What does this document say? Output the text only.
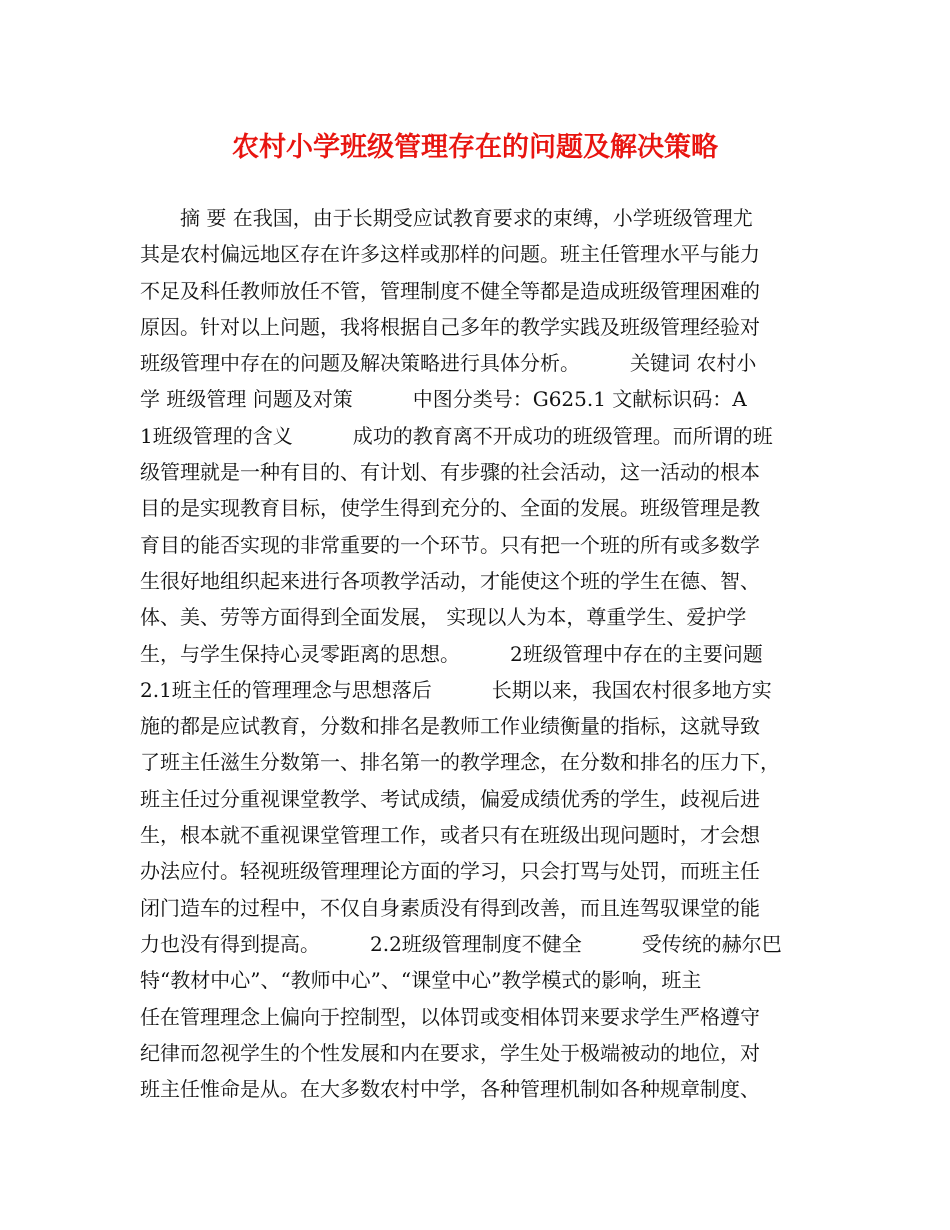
农村小学班级管理存在的问题及解决策略
　　摘 要 在我国，由于长期受应试教育要求的束缚，小学班级管理尤
其是农村偏远地区存在许多这样或那样的问题。班主任管理水平与能力
不足及科任教师放任不管，管理制度不健全等都是造成班级管理困难的
原因。针对以上问题，我将根据自己多年的教学实践及班级管理经验对
班级管理中存在的问题及解决策略进行具体分析。　　　关键词 农村小
学 班级管理 问题及对策　　　中图分类号：G625.1 文献标识码：A
1班级管理的含义　　　成功的教育离不开成功的班级管理。而所谓的班
级管理就是一种有目的、有计划、有步骤的社会活动，这一活动的根本
目的是实现教育目标，使学生得到充分的、全面的发展。班级管理是教
育目的能否实现的非常重要的一个环节。只有把一个班的所有或多数学
生很好地组织起来进行各项教学活动，才能使这个班的学生在德、智、
体、美、劳等方面得到全面发展， 实现以人为本，尊重学生、爱护学
生，与学生保持心灵零距离的思想。　　　2班级管理中存在的主要问题
2.1班主任的管理理念与思想落后　　　长期以来，我国农村很多地方实
施的都是应试教育，分数和排名是教师工作业绩衡量的指标，这就导致
了班主任滋生分数第一、排名第一的教学理念，在分数和排名的压力下，
班主任过分重视课堂教学、考试成绩，偏爱成绩优秀的学生，歧视后进
生，根本就不重视课堂管理工作，或者只有在班级出现问题时，才会想
办法应付。轻视班级管理理论方面的学习，只会打骂与处罚，而班主任
闭门造车的过程中，不仅自身素质没有得到改善，而且连驾驭课堂的能
力也没有得到提高。　　　2.2班级管理制度不健全　　　受传统的赫尔巴
特“教材中心”、“教师中心”、“课堂中心”教学模式的影响，班主
任在管理理念上偏向于控制型，以体罚或变相体罚来要求学生严格遵守
纪律而忽视学生的个性发展和内在要求，学生处于极端被动的地位，对
班主任惟命是从。在大多数农村中学，各种管理机制如各种规章制度、
